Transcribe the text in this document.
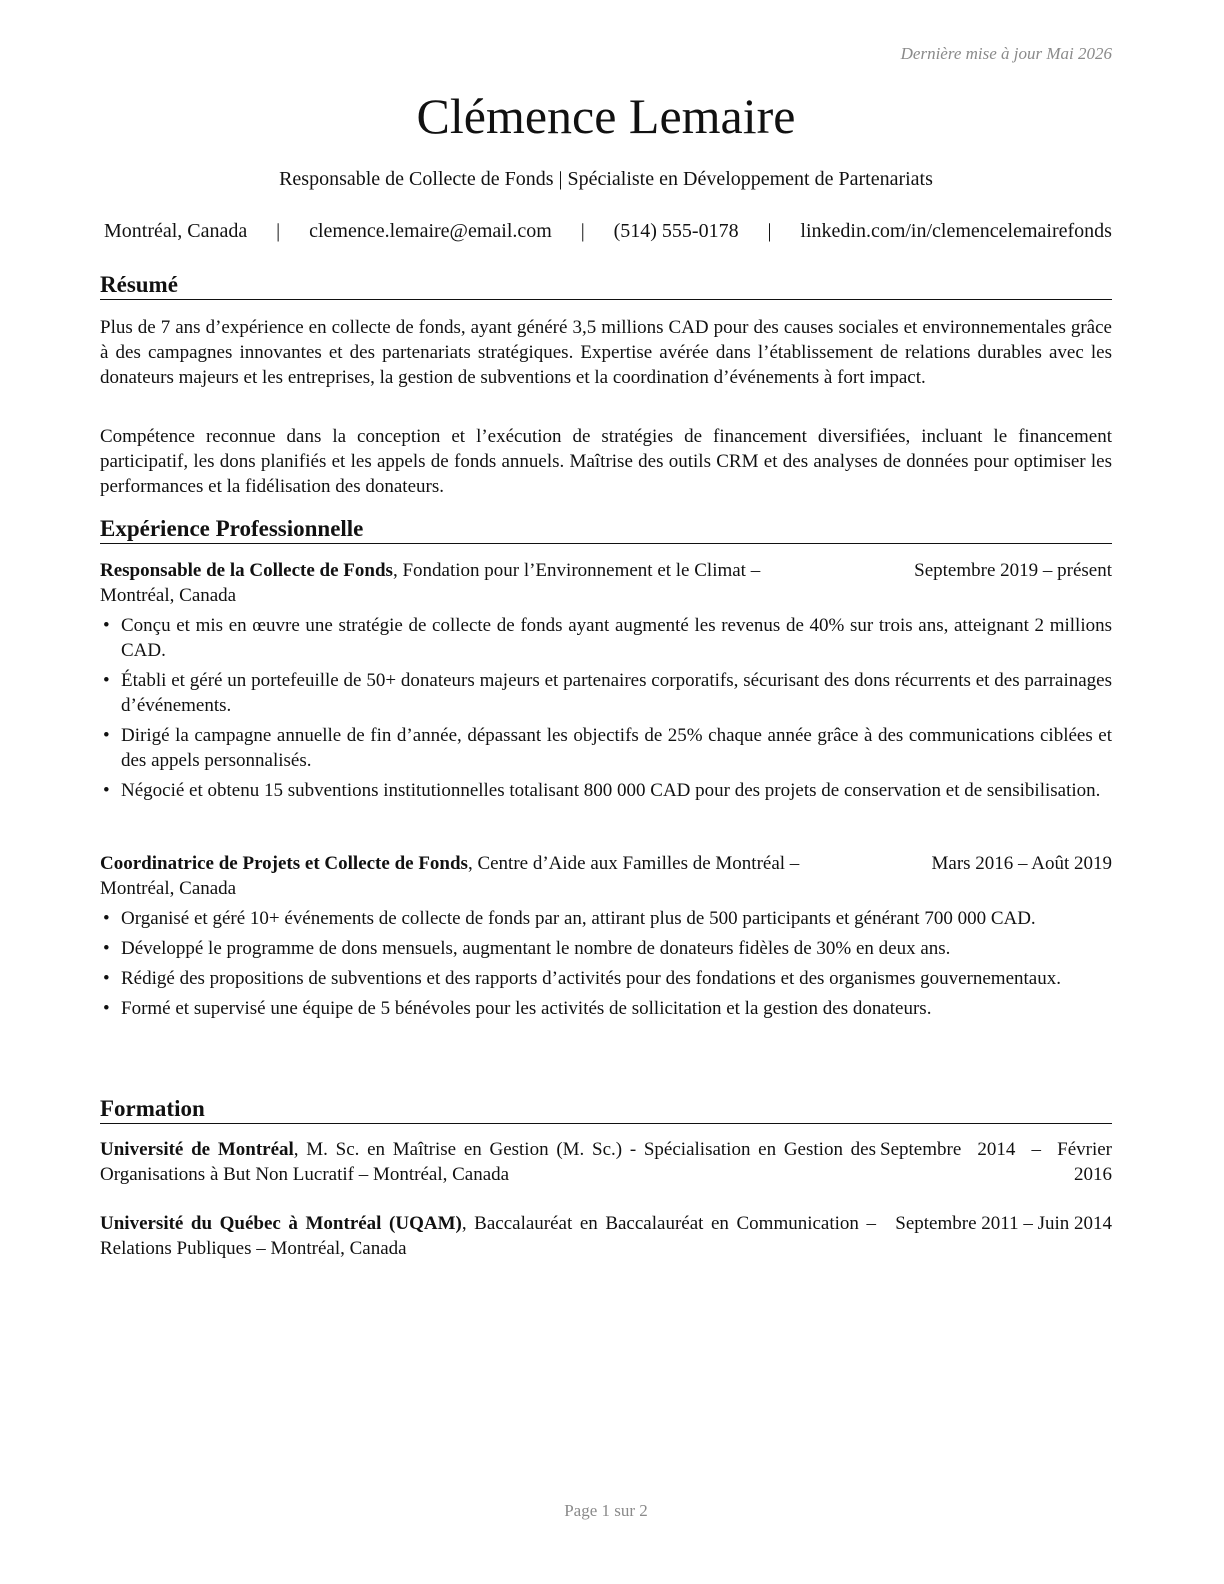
Dernière mise à jour Mai 2026
Clémence Lemaire
Responsable de Collecte de Fonds | Spécialiste en Développement de Partenariats
Montréal, Canada | clemence.lemaire@email.com | (514) 555-0178 | linkedin.com/in/clemencelemairefonds
Résumé

Plus de 7 ans d’expérience en collecte de fonds, ayant généré 3,5 millions CAD pour des causes sociales et environnementales grâce à des campagnes innovantes et des partenariats stratégiques. Expertise avérée dans l’établissement de relations durables avec les donateurs majeurs et les entreprises, la gestion de subventions et la coordination d’événements à fort impact.

Compétence reconnue dans la conception et l’exécution de stratégies de financement diversifiées, incluant le financement participatif, les dons planifiés et les appels de fonds annuels. Maîtrise des outils CRM et des analyses de données pour optimiser les performances et la fidélisation des donateurs.

Expérience Professionnelle
Responsable de la Collecte de Fonds, Fondation pour l’Environnement et le Climat –	Septembre 2019 – présent
Montréal, Canada
• Conçu et mis en œuvre une stratégie de collecte de fonds ayant augmenté les revenus de 40% sur trois ans, atteignant 2 millions CAD.
• Établi et géré un portefeuille de 50+ donateurs majeurs et partenaires corporatifs, sécurisant des dons récurrents et des parrainages d’événements.
• Dirigé la campagne annuelle de fin d’année, dépassant les objectifs de 25% chaque année grâce à des communications ciblées et des appels personnalisés.
• Négocié et obtenu 15 subventions institutionnelles totalisant 800 000 CAD pour des projets de conservation et de sensibilisation.
Coordinatrice de Projets et Collecte de Fonds, Centre d’Aide aux Familles de Montréal –	Mars 2016 – Août 2019
Montréal, Canada
• Organisé et géré 10+ événements de collecte de fonds par an, attirant plus de 500 participants et générant 700 000 CAD.
• Développé le programme de dons mensuels, augmentant le nombre de donateurs fidèles de 30% en deux ans.
• Rédigé des propositions de subventions et des rapports d’activités pour des fondations et des organismes gouvernementaux.
• Formé et supervisé une équipe de 5 bénévoles pour les activités de sollicitation et la gestion des donateurs.
Formation
Université de Montréal, M. Sc. en Maîtrise en Gestion (M. Sc.) - Spécialisation en Gestion des Organisations à But Non Lucratif – Montréal, Canada
Septembre 2014 – Février 2016
Université du Québec à Montréal (UQAM), Baccalauréat en Baccalauréat en Communication – Relations Publiques – Montréal, Canada
Septembre 2011 – Juin 2014
Page 1 sur 2
